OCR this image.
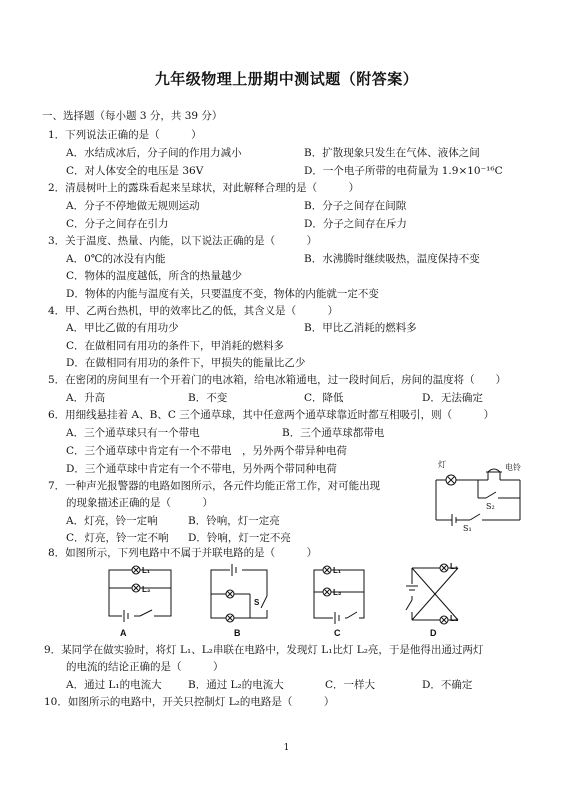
九年级物理上册期中测试题（附答案）
一、选择题（每小题 3 分，共 39 分）
1．下列说法正确的是（　　　）
A．水结成冰后，分子间的作用力减小	B．扩散现象只发生在气体、液体之间
C．对人体安全的电压是 36V	D．一个电子所带的电荷量为 1.9×10⁻¹⁶C
2．清晨树叶上的露珠看起来呈球状，对此解释合理的是（　　　）
A．分子不停地做无规则运动	B．分子之间存在间隙
C．分子之间存在引力	D．分子之间存在斥力
3．关于温度、热量、内能，以下说法正确的是（　　　）
A．0℃的冰没有内能	B．水沸腾时继续吸热，温度保持不变
C．物体的温度越低，所含的热量越少
D．物体的内能与温度有关，只要温度不变，物体的内能就一定不变
4．甲、乙两台热机，甲的效率比乙的低，其含义是（　　　）
A．甲比乙做的有用功少	B．甲比乙消耗的燃料多
C．在做相同有用功的条件下，甲消耗的燃料多
D．在做相同有用功的条件下，甲损失的能量比乙少
5．在密闭的房间里有一个开着门的电冰箱，给电冰箱通电，过一段时间后，房间的温度将（　　）
A．升高	B．不变	C．降低	D．无法确定
6．用细线悬挂着 A、B、C 三个通草球，其中任意两个通草球靠近时都互相吸引，则（　　　）
A．三个通草球只有一个带电	B．三个通草球都带电
C．三个通草球中肯定有一个不带电　，另外两个带异种电荷
D．三个通草球中肯定有一个不带电，另外两个带同种电荷
7．一种声光报警器的电路如图所示，各元件均能正常工作，对可能出现
的现象描述正确的是（　　　）
A．灯亮，铃一定响	B．铃响，灯一定亮
C．灯亮，铃一定不响 D．铃响，灯一定不亮
灯	电铃
S₂
S₁
8．如图所示，下列电路中不属于并联电路的是（　　　）
L₁
L₂
S
L₁
L₂
L₁
L₂
A	B	C	D
9．某同学在做实验时，将灯 L₁、L₂串联在电路中，发现灯 L₁比灯 L₂亮，于是他得出通过两灯
的电流的结论正确的是（　　　）
A．通过 L₁的电流大	B．通过 L₂的电流大	C．一样大	D．不确定
10．如图所示的电路中，开关只控制灯 L₂的电路是（　　　）
1
